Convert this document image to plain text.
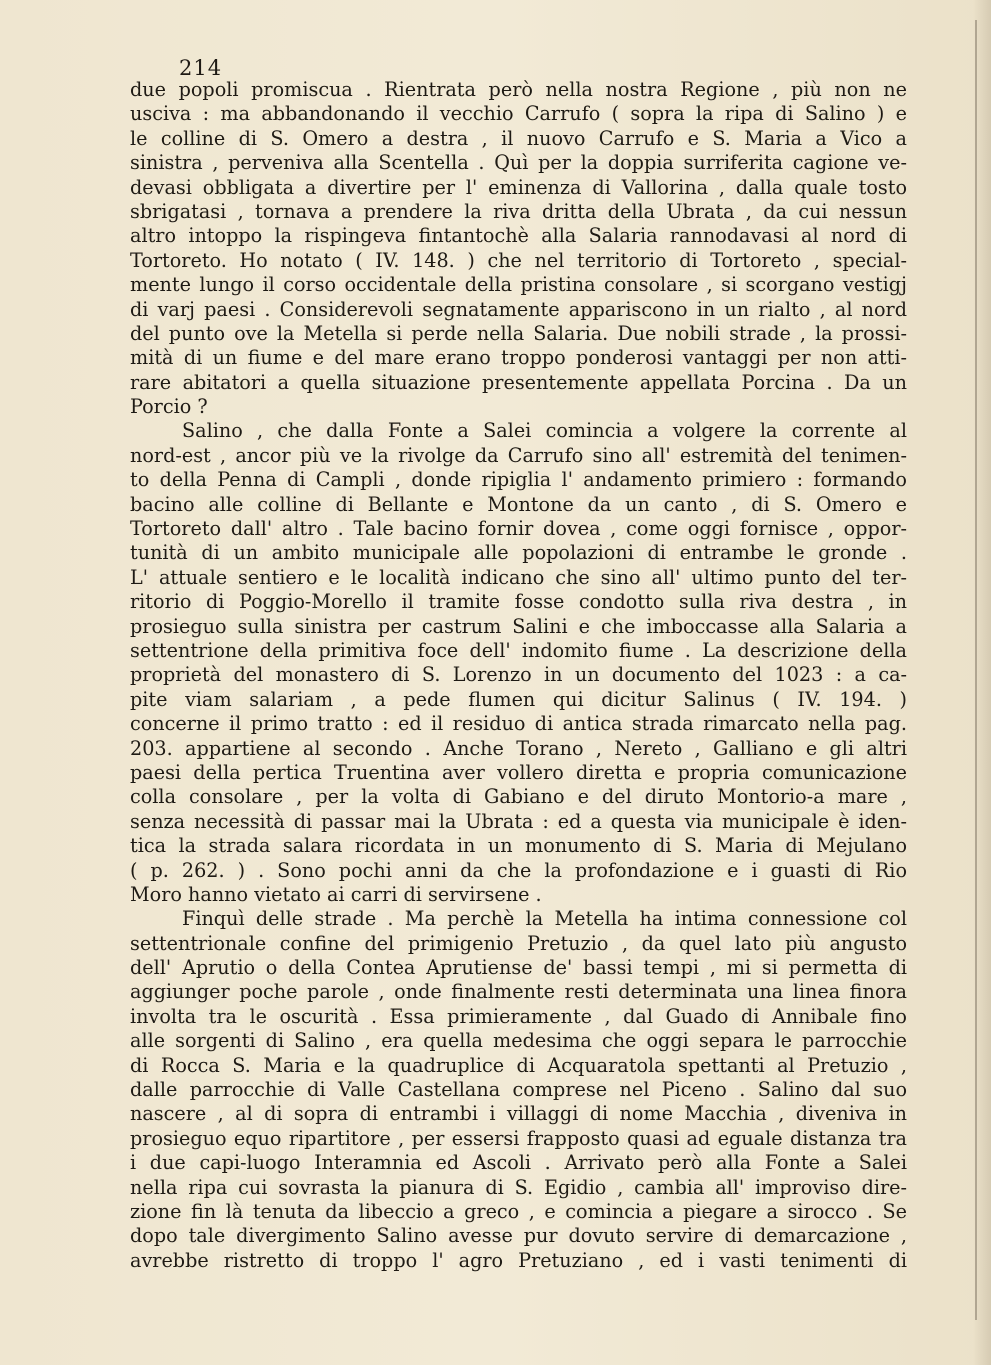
214
due popoli promiscua . Rientrata però nella nostra Regione , più non ne
usciva : ma abbandonando il vecchio Carrufo ( sopra la ripa di Salino ) e
le colline di S. Omero a destra , il nuovo Carrufo e S. Maria a Vico a
sinistra , perveniva alla Scentella . Quì per la doppia surriferita cagione ve-
devasi obbligata a divertire per l' eminenza di Vallorina , dalla quale tosto
sbrigatasi , tornava a prendere la riva dritta della Ubrata , da cui nessun
altro intoppo la rispingeva fintantochè alla Salaria rannodavasi al nord di
Tortoreto. Ho notato ( IV. 148. ) che nel territorio di Tortoreto , special-
mente lungo il corso occidentale della pristina consolare , si scorgano vestigj
di varj paesi . Considerevoli segnatamente appariscono in un rialto , al nord
del punto ove la Metella si perde nella Salaria. Due nobili strade , la prossi-
mità di un fiume e del mare erano troppo ponderosi vantaggi per non atti-
rare abitatori a quella situazione presentemente appellata Porcina . Da un
Porcio ?
Salino , che dalla Fonte a Salei comincia a volgere la corrente al
nord-est , ancor più ve la rivolge da Carrufo sino all' estremità del tenimen-
to della Penna di Campli , donde ripiglia l' andamento primiero : formando
bacino alle colline di Bellante e Montone da un canto , di S. Omero e
Tortoreto dall' altro . Tale bacino fornir dovea , come oggi fornisce , oppor-
tunità di un ambito municipale alle popolazioni di entrambe le gronde .
L' attuale sentiero e le località indicano che sino all' ultimo punto del ter-
ritorio di Poggio-Morello il tramite fosse condotto sulla riva destra , in
prosieguo sulla sinistra per castrum Salini e che imboccasse alla Salaria a
settentrione della primitiva foce dell' indomito fiume . La descrizione della
proprietà del monastero di S. Lorenzo in un documento del 1023 : a ca-
pite viam salariam , a pede flumen qui dicitur Salinus ( IV. 194. )
concerne il primo tratto : ed il residuo di antica strada rimarcato nella pag.
203. appartiene al secondo . Anche Torano , Nereto , Galliano e gli altri
paesi della pertica Truentina aver vollero diretta e propria comunicazione
colla consolare , per la volta di Gabiano e del diruto Montorio-a mare ,
senza necessità di passar mai la Ubrata : ed a questa via municipale è iden-
tica la strada salara ricordata in un monumento di S. Maria di Mejulano
( p. 262. ) . Sono pochi anni da che la profondazione e i guasti di Rio
Moro hanno vietato ai carri di servirsene .
Finquì delle strade . Ma perchè la Metella ha intima connessione col
settentrionale confine del primigenio Pretuzio , da quel lato più angusto
dell' Aprutio o della Contea Aprutiense de' bassi tempi , mi si permetta di
aggiunger poche parole , onde finalmente resti determinata una linea finora
involta tra le oscurità . Essa primieramente , dal Guado di Annibale fino
alle sorgenti di Salino , era quella medesima che oggi separa le parrocchie
di Rocca S. Maria e la quadruplice di Acquaratola spettanti al Pretuzio ,
dalle parrocchie di Valle Castellana comprese nel Piceno . Salino dal suo
nascere , al di sopra di entrambi i villaggi di nome Macchia , diveniva in
prosieguo equo ripartitore , per essersi frapposto quasi ad eguale distanza tra
i due capi-luogo Interamnia ed Ascoli . Arrivato però alla Fonte a Salei
nella ripa cui sovrasta la pianura di S. Egidio , cambia all' improviso dire-
zione fin là tenuta da libeccio a greco , e comincia a piegare a sirocco . Se
dopo tale divergimento Salino avesse pur dovuto servire di demarcazione ,
avrebbe ristretto di troppo l' agro Pretuziano , ed i vasti tenimenti di
